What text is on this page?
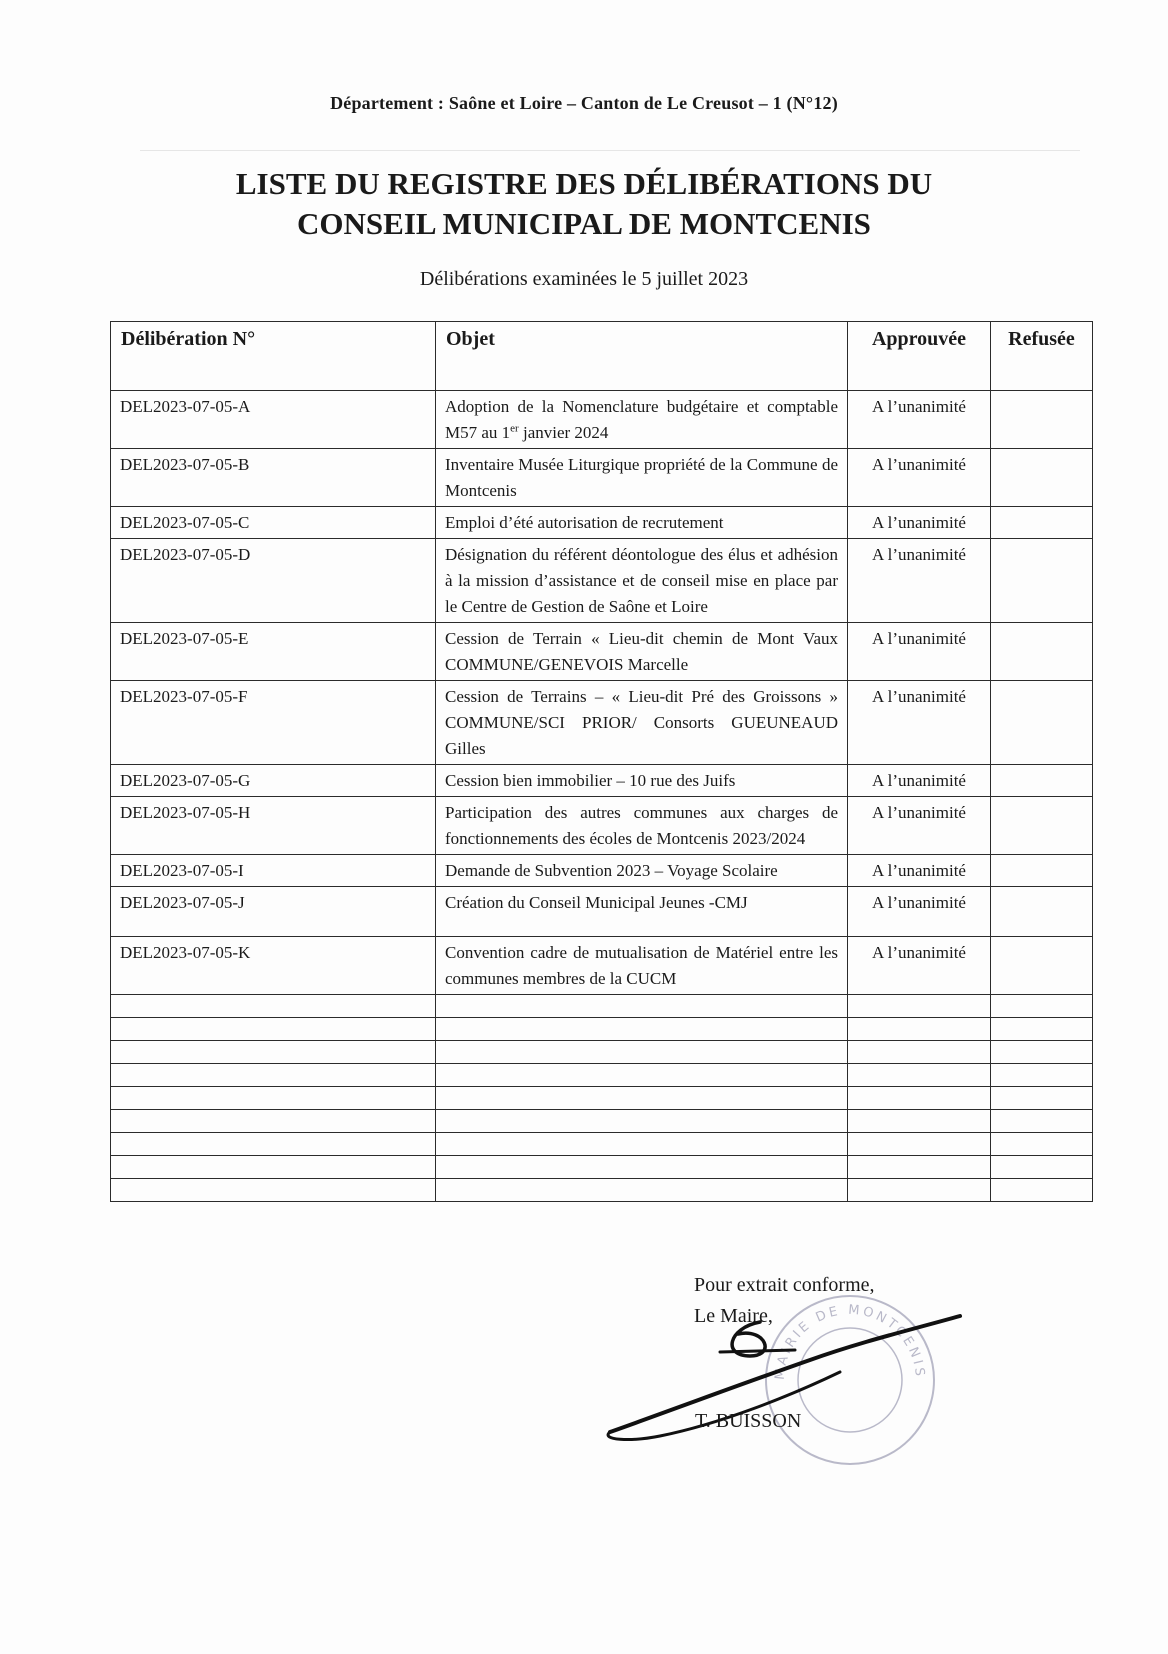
Département : Saône et Loire – Canton de Le Creusot – 1 (N°12)
LISTE DU REGISTRE DES DÉLIBÉRATIONS DU
CONSEIL MUNICIPAL DE MONTCENIS
Délibérations examinées le 5 juillet 2023
Délibération N°	Objet	Approuvée	Refusée
DEL2023-07-05-A	Adoption de la Nomenclature budgétaire et comptable M57 au 1er janvier 2024	A l’unanimité	
DEL2023-07-05-B	Inventaire Musée Liturgique propriété de la Commune de Montcenis	A l’unanimité	
DEL2023-07-05-C	Emploi d’été autorisation de recrutement	A l’unanimité	
DEL2023-07-05-D	Désignation du référent déontologue des élus et adhésion à la mission d’assistance et de conseil mise en place par le Centre de Gestion de Saône et Loire	A l’unanimité	
DEL2023-07-05-E	Cession de Terrain « Lieu-dit chemin de Mont Vaux COMMUNE/GENEVOIS Marcelle	A l’unanimité	
DEL2023-07-05-F	Cession de Terrains – « Lieu-dit Pré des Groissons » COMMUNE/SCI PRIOR/ Consorts GUEUNEAUD Gilles	A l’unanimité	
DEL2023-07-05-G	Cession bien immobilier – 10 rue des Juifs	A l’unanimité	
DEL2023-07-05-H	Participation des autres communes aux charges de fonctionnements des écoles de Montcenis 2023/2024	A l’unanimité	
DEL2023-07-05-I	Demande de Subvention 2023 – Voyage Scolaire	A l’unanimité	
DEL2023-07-05-J	Création du Conseil Municipal Jeunes -CMJ	A l’unanimité	
DEL2023-07-05-K	Convention cadre de mutualisation de Matériel entre les communes membres de la CUCM	A l’unanimité	

Pour extrait conforme,
Le Maire,
MAIRIE DE MONTCENIS
T. BUISSON
